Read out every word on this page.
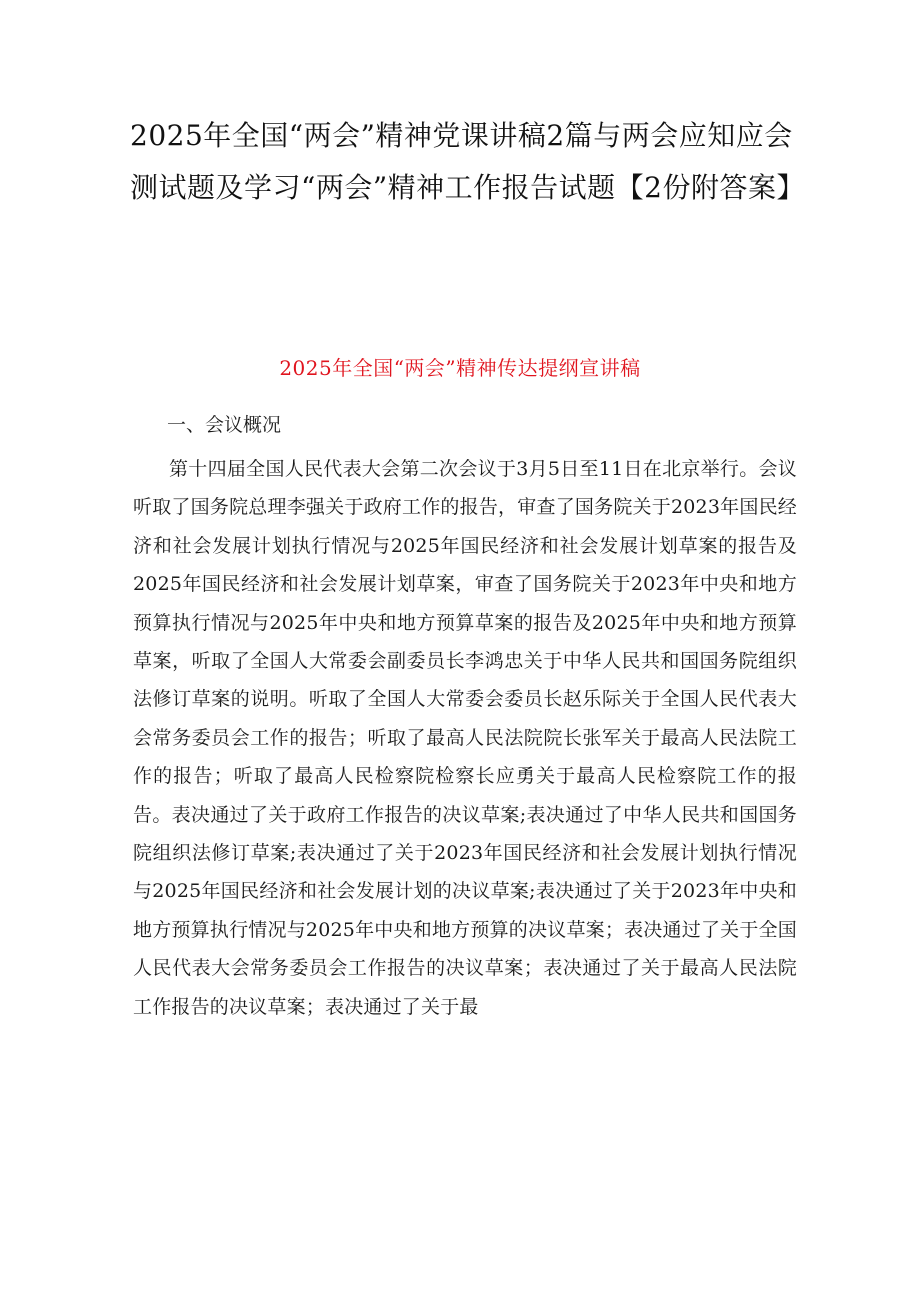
2025年全国“两会”精神党课讲稿2篇与两会应知应会测试题及学习“两会”精神工作报告试题【2份附答案】
2025年全国“两会”精神传达提纲宣讲稿

一、会议概况

第十四届全国人民代表大会第二次会议于3月5日至11日在北京举行。会议听取了国务院总理李强关于政府工作的报告，审查了国务院关于2023年国民经济和社会发展计划执行情况与2025年国民经济和社会发展计划草案的报告及2025年国民经济和社会发展计划草案，审查了国务院关于2023年中央和地方预算执行情况与2025年中央和地方预算草案的报告及2025年中央和地方预算草案，听取了全国人大常委会副委员长李鸿忠关于中华人民共和国国务院组织法修订草案的说明。听取了全国人大常委会委员长赵乐际关于全国人民代表大会常务委员会工作的报告；听取了最高人民法院院长张军关于最高人民法院工作的报告；听取了最高人民检察院检察长应勇关于最高人民检察院工作的报告。表决通过了关于政府工作报告的决议草案;表决通过了中华人民共和国国务院组织法修订草案;表决通过了关于2023年国民经济和社会发展计划执行情况与2025年国民经济和社会发展计划的决议草案;表决通过了关于2023年中央和地方预算执行情况与2025年中央和地方预算的决议草案；表决通过了关于全国人民代表大会常务委员会工作报告的决议草案；表决通过了关于最高人民法院工作报告的决议草案；表决通过了关于最
